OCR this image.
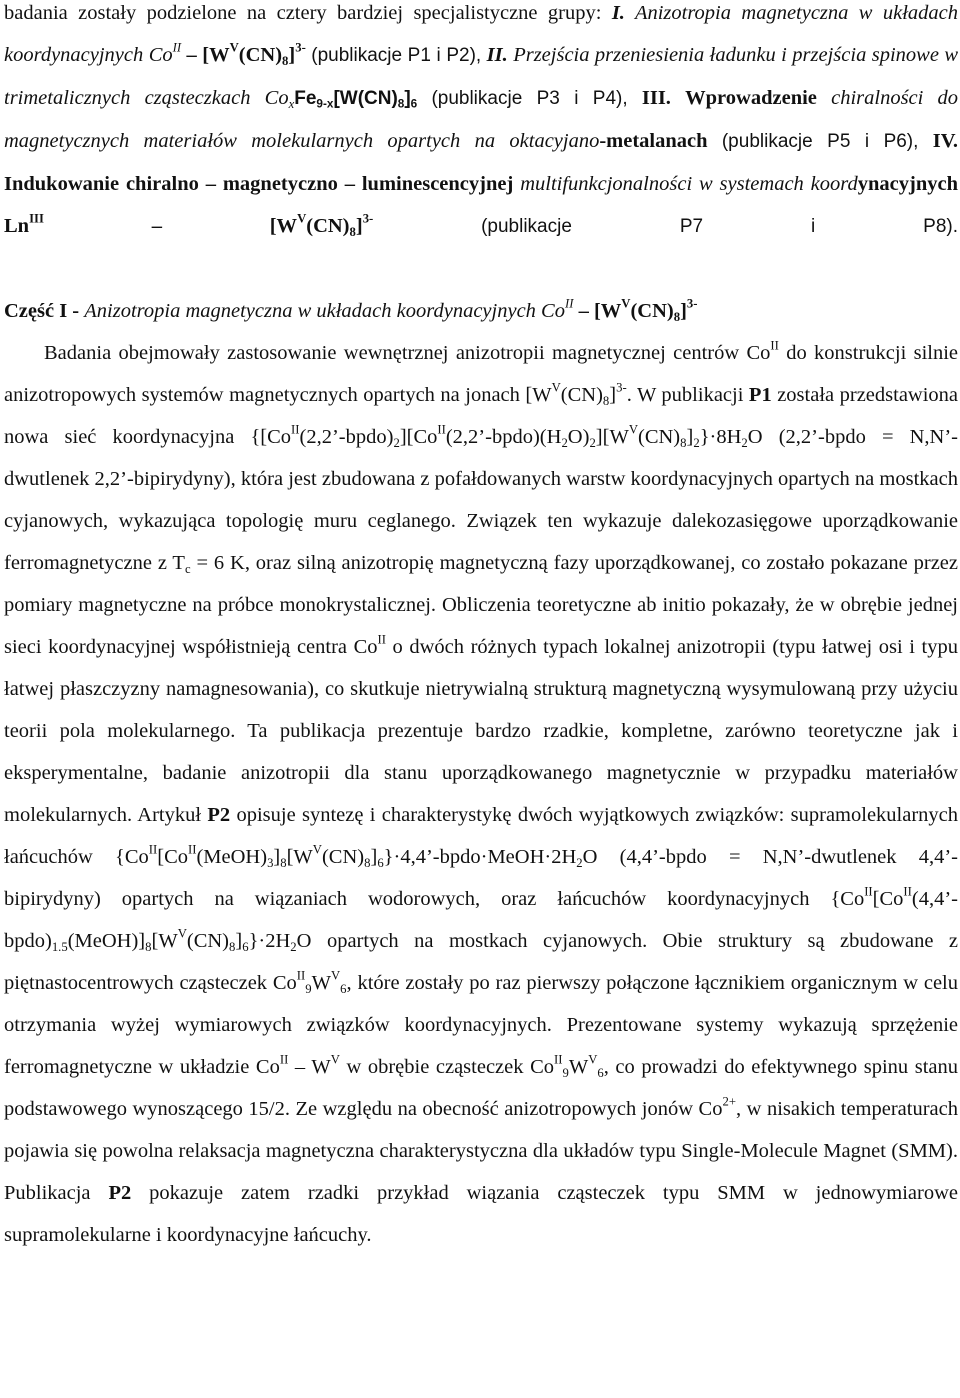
badania zostały podzielone na cztery bardziej specjalistyczne grupy: I. Anizotropia magnetyczna w układach koordynacyjnych $Co^{II} - [W^V(CN)_8]^{3-}$ (publikacje P1 i P2), II. Przejścia przeniesienia ładunku i przejścia spinowe w trimetalicznych cząsteczkach $Co_xFe_{9-x}[W(CN)_8]_6$ (publikacje P3 i P4), III. Wprowadzenie chiralności do magnetycznych materiałów molekularnych opartych na oktacyjano-metalanach (publikacje P5 i P6), IV. Indukowanie chiralno – magnetyczno – luminescencyjnej multifunkcjonalności w systemach koordynacyjnych $Ln^{III} - [W^V(CN)_8]^{3-}$	(publikacje P7 i P8).

Część I - Anizotropia magnetyczna w układach koordynacyjnych $Co^{II} - [W^V(CN)_8]^{3-}$

Badania obejmowały zastosowanie wewnętrznej anizotropii magnetycznej centrów $Co^{II}$ do konstrukcji silnie anizotropowych systemów magnetycznych opartych na jonach $[W^V(CN)_8]^{3-}$. W publikacji P1 została przedstawiona nowa sieć koordynacyjna $\{[Co^{II}(2,2’-bpdo)_2][Co^{II}(2,2’-bpdo)(H_2O)_2][W^V(CN)_8]_2\}\cdot 8H_2O$ (2,2’-bpdo = N,N’-dwutlenek 2,2’-bipirydyny), która jest zbudowana z pofałdowanych warstw koordynacyjnych opartych na mostkach cyjanowych, wykazująca topologię muru ceglanego. Związek ten wykazuje dalekozasięgowe uporządkowanie ferromagnetyczne z $T_c = 6$ K, oraz silną anizotropię magnetyczną fazy uporządkowanej, co zostało pokazane przez pomiary magnetyczne na próbce monokrystalicznej. Obliczenia teoretyczne ab initio pokazały, że w obrębie jednej sieci koordynacyjnej współistnieją centra $Co^{II}$ o dwóch różnych typach lokalnej anizotropii (typu łatwej osi i typu łatwej płaszczyzny namagnesowania), co skutkuje nietrywialną strukturą magnetyczną wysymulowaną przy użyciu teorii pola molekularnego. Ta publikacja prezentuje bardzo rzadkie, kompletne, zarówno teoretyczne jak i eksperymentalne, badanie anizotropii dla stanu uporządkowanego magnetycznie w przypadku materiałów molekularnych. Artykuł P2 opisuje syntezę i charakterystykę dwóch wyjątkowych związków: supramolekularnych łańcuchów $\{Co^{II}[Co^{II}(MeOH)_3]_8[W^V(CN)_8]_6\}\cdot 4,4’-bpdo\cdot MeOH\cdot 2H_2O$ (4,4’-bpdo = N,N’-dwutlenek 4,4’-bipirydyny) opartych na wiązaniach wodorowych, oraz łańcuchów koordynacyjnych $\{Co^{II}[Co^{II}(4,4’-bpdo)_{1.5}(MeOH)]_8[W^V(CN)_8]_6\}\cdot 2H_2O$ opartych na mostkach cyjanowych. Obie struktury są zbudowane z piętnastocentrowych cząsteczek $Co^{II}_9W^V_6$, które zostały po raz pierwszy połączone łącznikiem organicznym w celu otrzymania wyżej wymiarowych związków koordynacyjnych. Prezentowane systemy wykazują sprzężenie ferromagnetyczne w układzie $Co^{II} - W^V$ w obrębie cząsteczek $Co^{II}_9W^V_6$, co prowadzi do efektywnego spinu stanu podstawowego wynoszącego 15/2. Ze względu na obecność anizotropowych jonów $Co^{2+}$, w nisakich temperaturach pojawia się powolna relaksacja magnetyczna charakterystyczna dla układów typu Single-Molecule Magnet (SMM). Publikacja P2 pokazuje zatem rzadki przykład wiązania cząsteczek typu SMM w jednowymiarowe supramolekularne i koordynacyjne łańcuchy.
